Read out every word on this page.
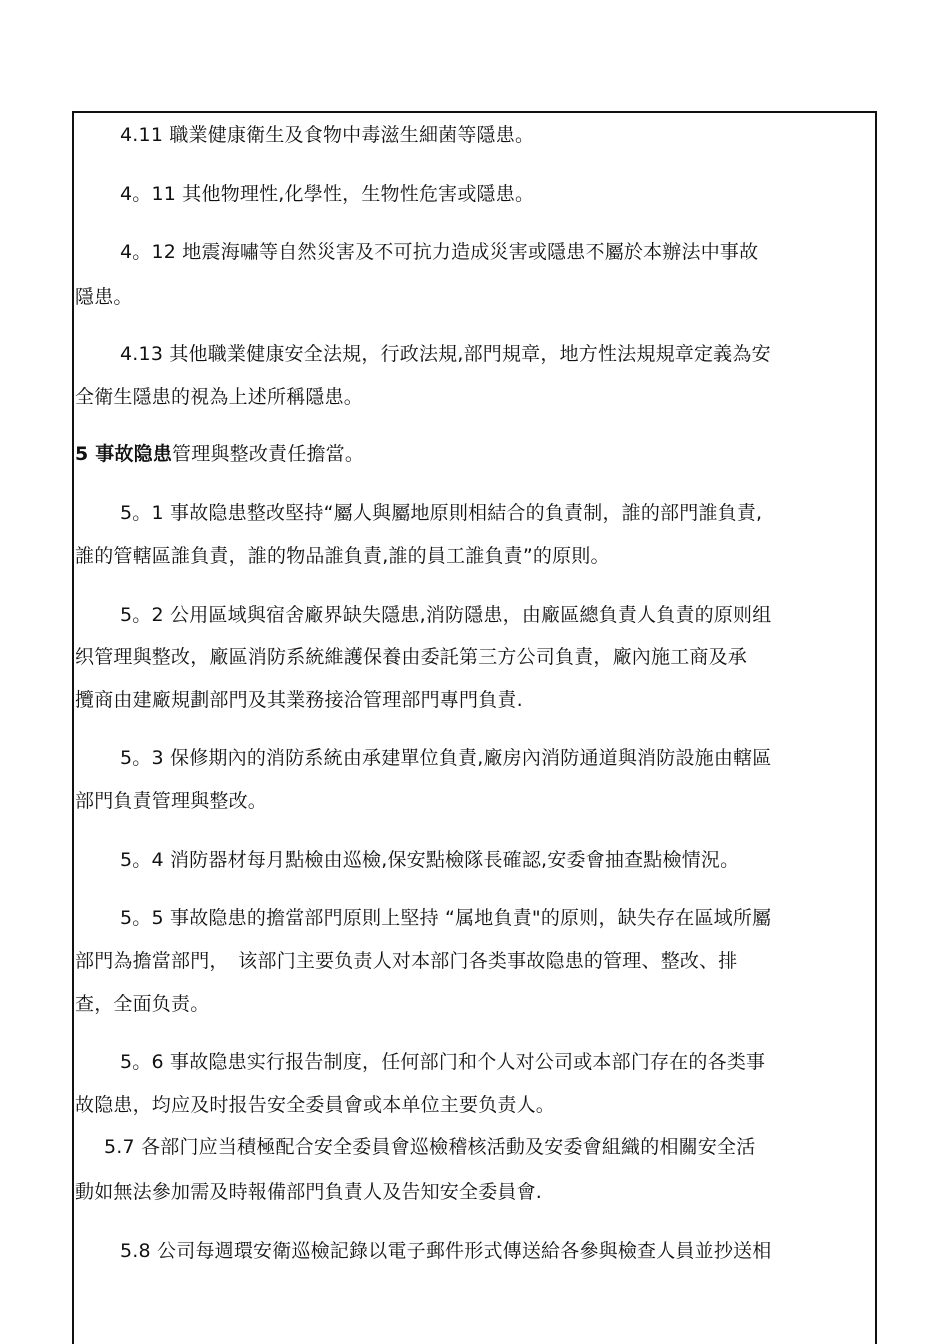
4.11 職業健康衛生及食物中毒滋生細菌等隱患。
4。11 其他物理性,化學性，生物性危害或隱患。
4。12 地震海嘯等自然災害及不可抗力造成災害或隱患不屬於本辦法中事故
隱患。
4.13 其他職業健康安全法規，行政法規,部門規章，地方性法規規章定義為安
全衛生隱患的視為上述所稱隱患。
5 事故隐患管理與整改責任擔當。
5。1 事故隐患整改堅持“屬人與屬地原則相結合的負責制，誰的部門誰負責,
誰的管轄區誰負責，誰的物品誰負責,誰的員工誰負責”的原則。
5。2 公用區域與宿舍廠界缺失隱患,消防隱患，由廠區總負責人負責的原则组
织管理與整改，廠區消防系統維護保養由委託第三方公司負責，廠內施工商及承
攬商由建廠規劃部門及其業務接洽管理部門專門負責.
5。3 保修期內的消防系統由承建單位負責,廠房內消防通道與消防設施由轄區
部門負責管理與整改。
5。4 消防器材每月點檢由巡檢,保安點檢隊長確認,安委會抽查點檢情況。
5。5 事故隐患的擔當部門原則上堅持 “属地負責"的原则，缺失存在區域所屬
部門為擔當部門，　该部门主要负责人对本部门各类事故隐患的管理、整改、排
查，全面负责。
5。6 事故隐患实行报告制度，任何部门和个人对公司或本部门存在的各类事
故隐患，均应及时报告安全委員會或本单位主要负责人。
5.7 各部门应当積極配合安全委員會巡檢稽核活動及安委會組織的相關安全活
動如無法參加需及時報備部門負責人及告知安全委員會.
5.8 公司每週環安衛巡檢記錄以電子郵件形式傳送給各參與檢查人員並抄送相
